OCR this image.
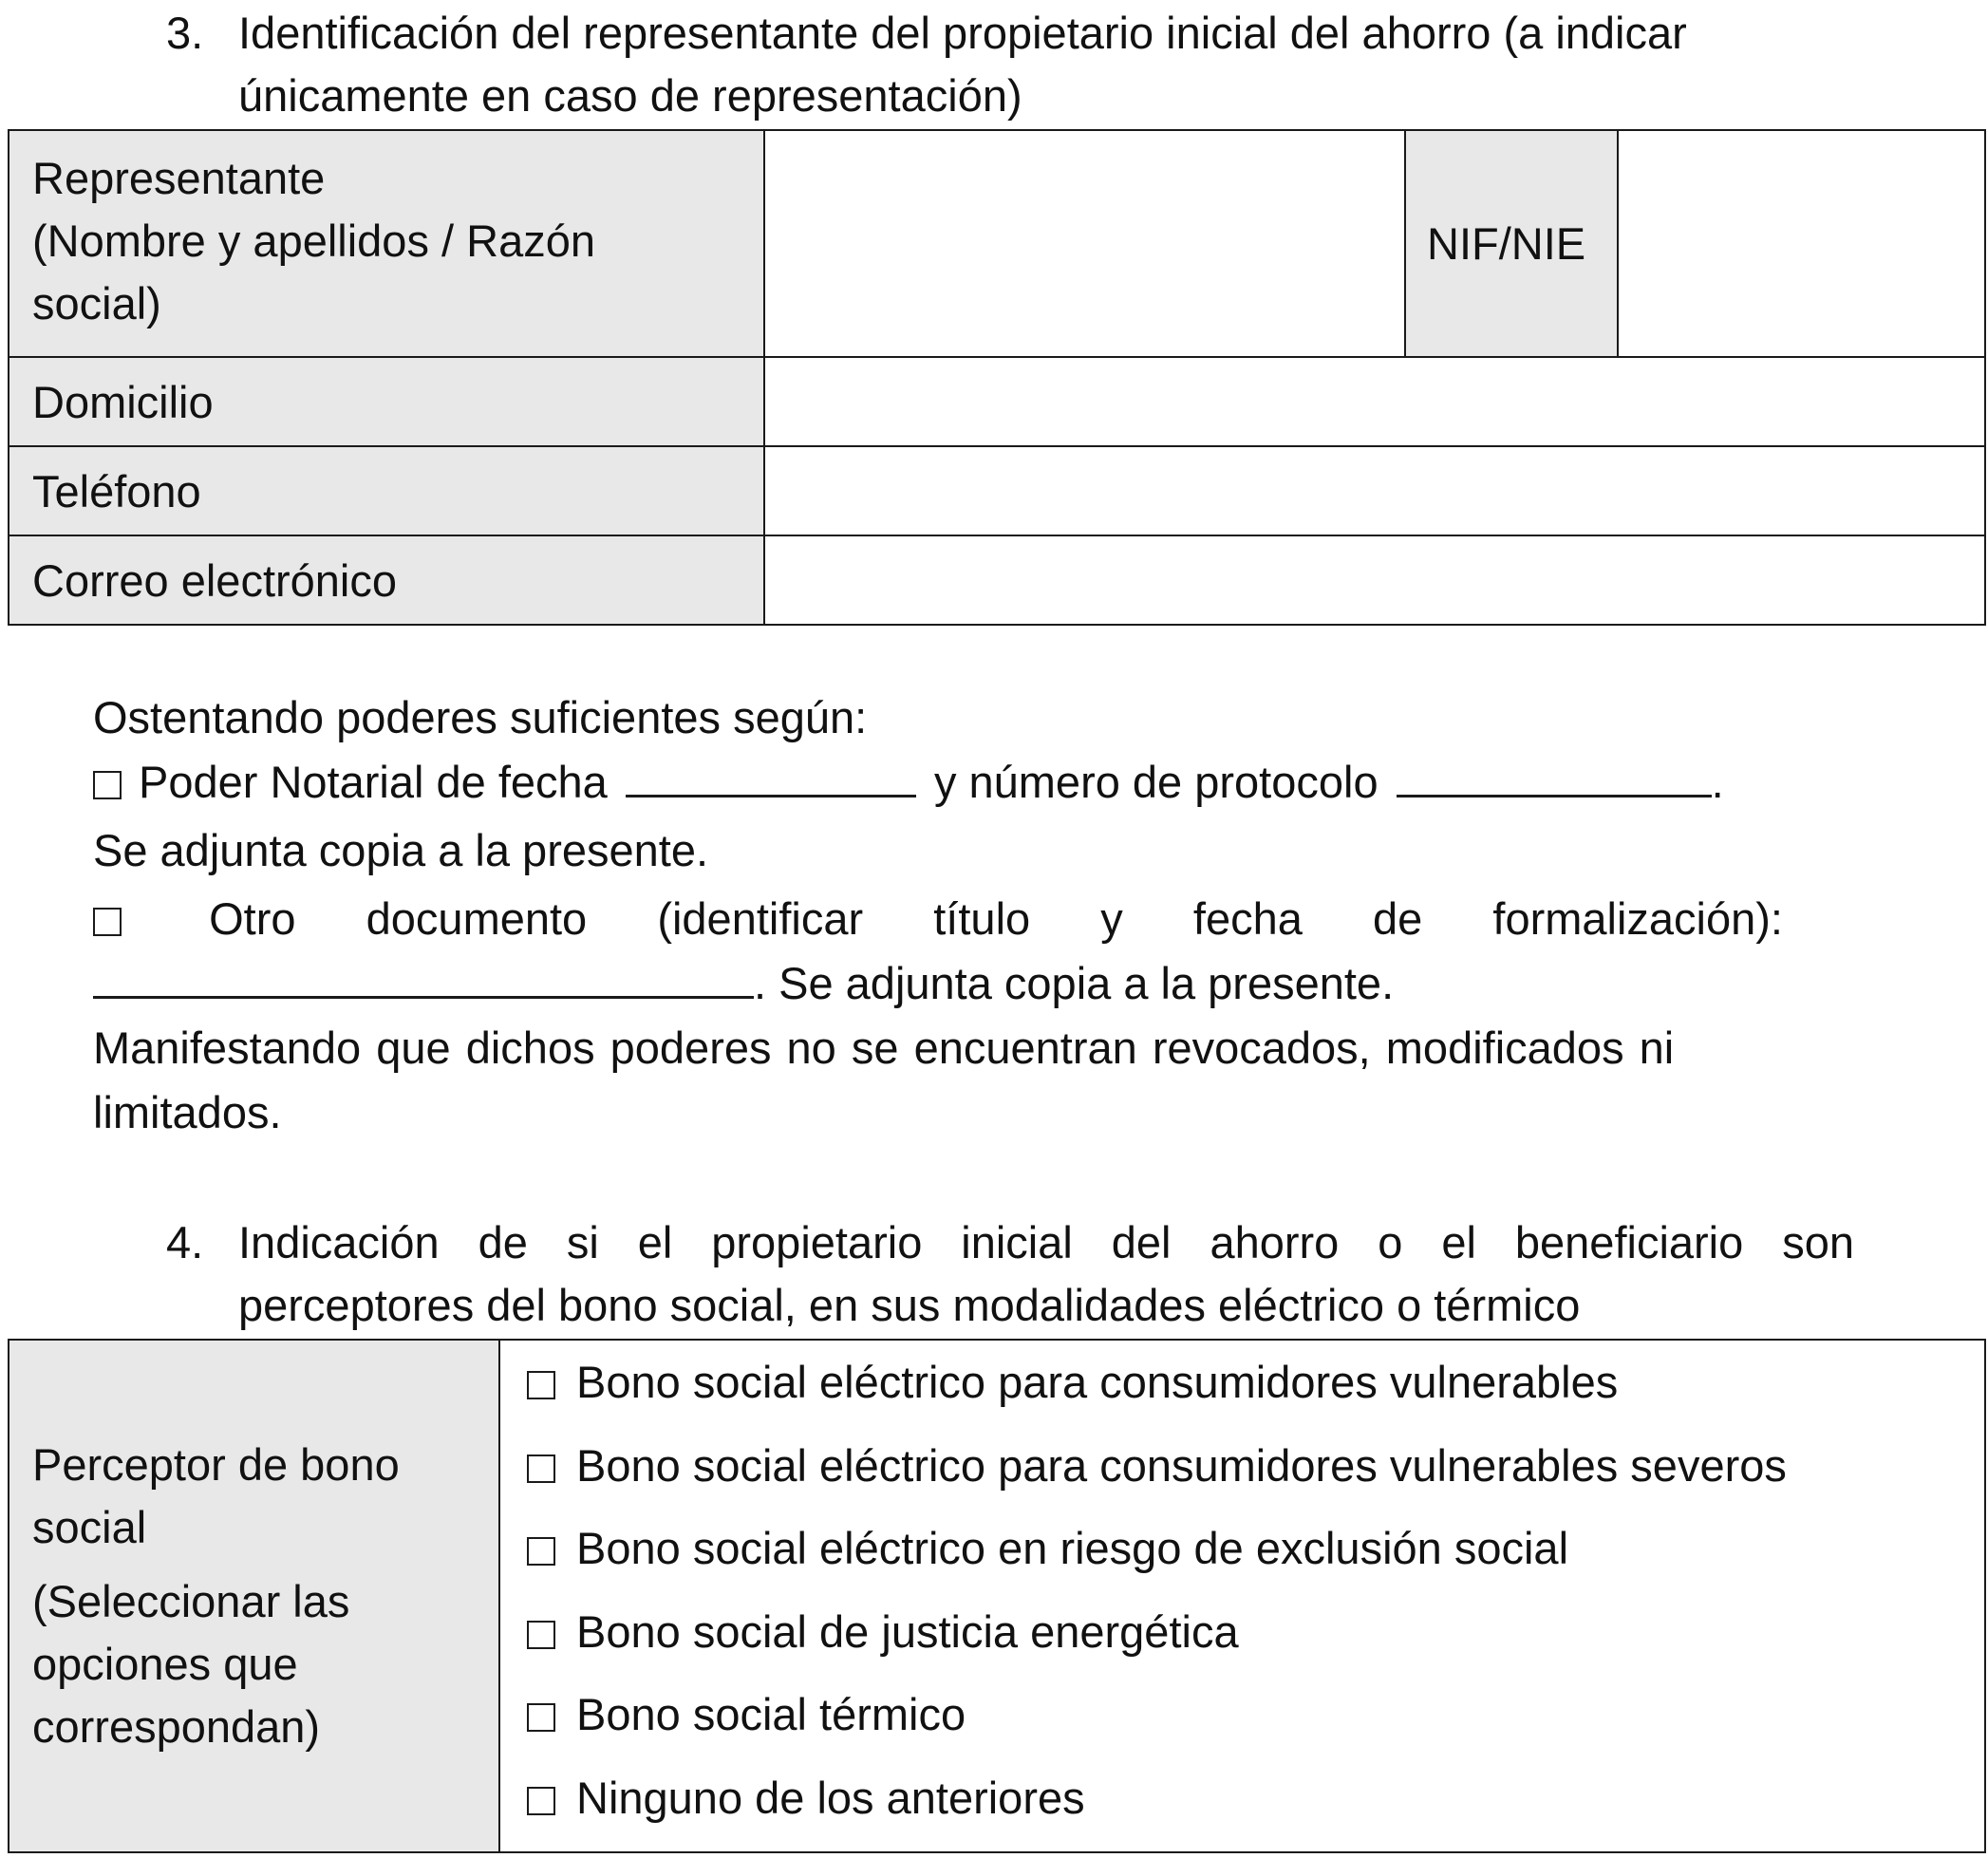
3. Identificación del representante del propietario inicial del ahorro (a indicar
únicamente en caso de representación)
Representante
(Nombre y apellidos / Razón
social)		NIF/NIE	
Domicilio			
Teléfono			
Correo electrónico			
Ostentando poderes suficientes según:
Poder Notarial de fecha	y número de protocolo	.
Se adjunta copia a la presente.
Otro documento (identificar título y fecha de formalización):
. Se adjunta copia a la presente.
Manifestando que dichos poderes no se encuentran revocados, modificados ni
limitados.
4. Indicación de si el propietario inicial del ahorro o el beneficiario son
perceptores del bono social, en sus modalidades eléctrico o térmico
Perceptor de bono
social
(Seleccionar las
opciones que
correspondan)

Bono social eléctrico para consumidores vulnerables
Bono social eléctrico para consumidores vulnerables severos
Bono social eléctrico en riesgo de exclusión social
Bono social de justicia energética
Bono social térmico
Ninguno de los anteriores
